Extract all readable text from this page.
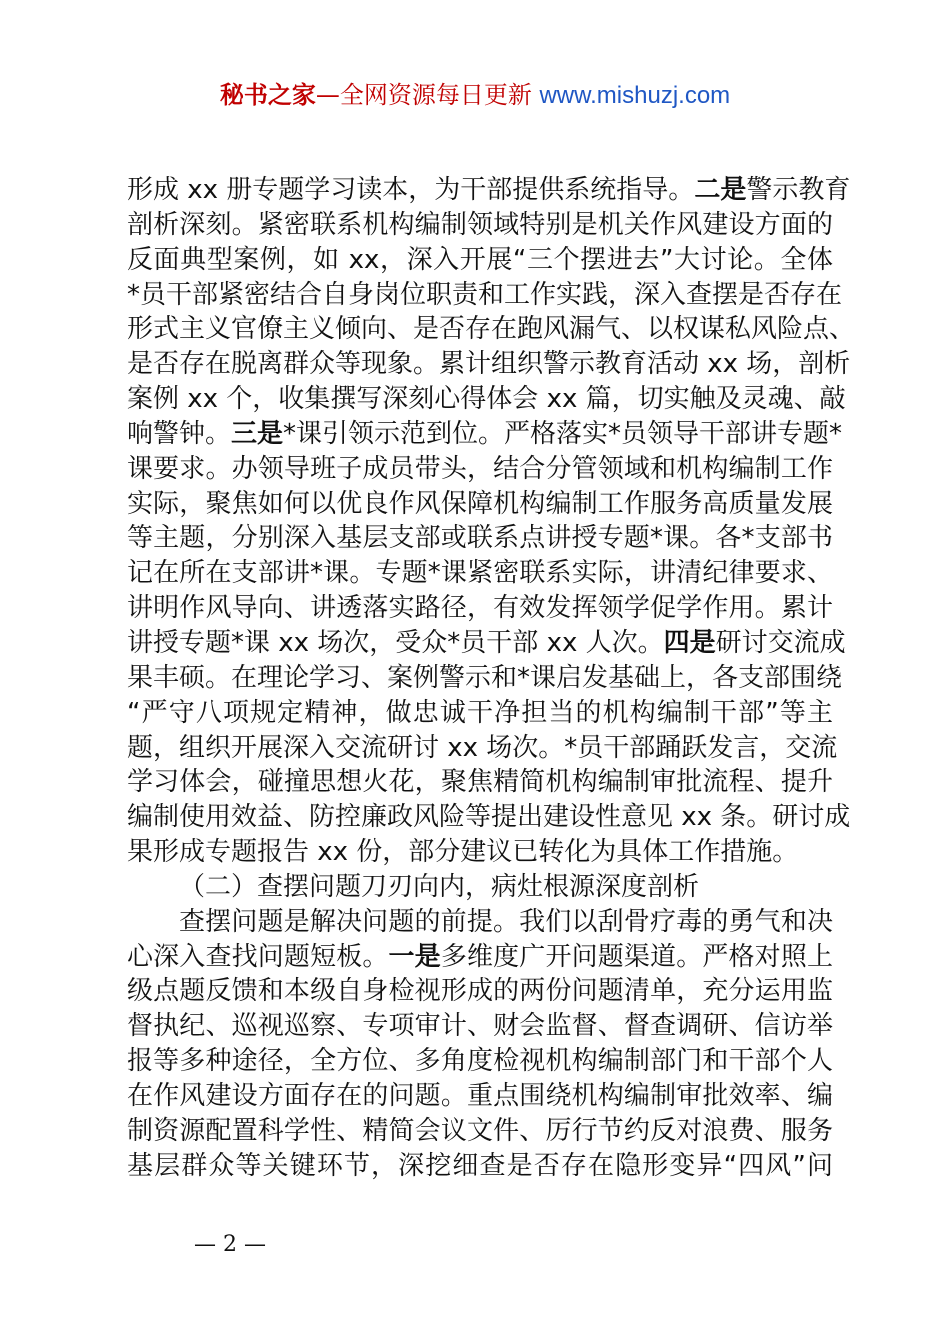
秘书之家—全网资源每日更新 www.mishuzj.com
形成 xx 册专题学习读本，为干部提供系统指导。二是警示教育
剖析深刻。紧密联系机构编制领域特别是机关作风建设方面的
反面典型案例，如 xx，深入开展“三个摆进去”大讨论。全体
*员干部紧密结合自身岗位职责和工作实践，深入查摆是否存在
形式主义官僚主义倾向、是否存在跑风漏气、以权谋私风险点、
是否存在脱离群众等现象。累计组织警示教育活动 xx 场，剖析
案例 xx 个，收集撰写深刻心得体会 xx 篇，切实触及灵魂、敲
响警钟。三是*课引领示范到位。严格落实*员领导干部讲专题*
课要求。办领导班子成员带头，结合分管领域和机构编制工作
实际，聚焦如何以优良作风保障机构编制工作服务高质量发展
等主题，分别深入基层支部或联系点讲授专题*课。各*支部书
记在所在支部讲*课。专题*课紧密联系实际，讲清纪律要求、
讲明作风导向、讲透落实路径，有效发挥领学促学作用。累计
讲授专题*课 xx 场次，受众*员干部 xx 人次。四是研讨交流成
果丰硕。在理论学习、案例警示和*课启发基础上，各支部围绕
“严守八项规定精神，做忠诚干净担当的机构编制干部”等主
题，组织开展深入交流研讨 xx 场次。*员干部踊跃发言，交流
学习体会，碰撞思想火花，聚焦精简机构编制审批流程、提升
编制使用效益、防控廉政风险等提出建设性意见 xx 条。研讨成
果形成专题报告 xx 份，部分建议已转化为具体工作措施。
（二）查摆问题刀刃向内，病灶根源深度剖析
查摆问题是解决问题的前提。我们以刮骨疗毒的勇气和决
心深入查找问题短板。一是多维度广开问题渠道。严格对照上
级点题反馈和本级自身检视形成的两份问题清单，充分运用监
督执纪、巡视巡察、专项审计、财会监督、督查调研、信访举
报等多种途径，全方位、多角度检视机构编制部门和干部个人
在作风建设方面存在的问题。重点围绕机构编制审批效率、编
制资源配置科学性、精简会议文件、厉行节约反对浪费、服务
基层群众等关键环节，深挖细查是否存在隐形变异“四风”问
— 2 —
